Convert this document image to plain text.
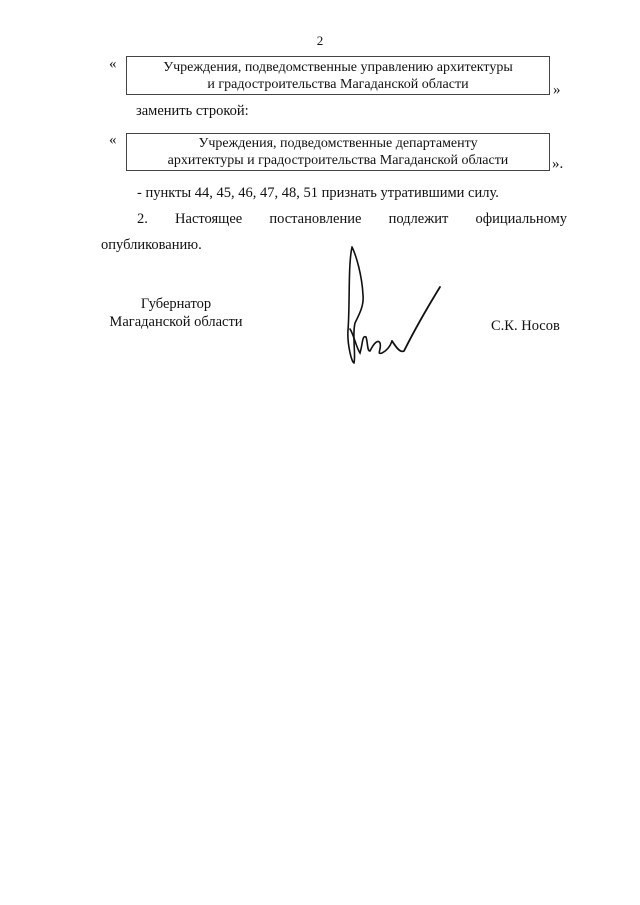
2
«	Учреждения, подведомственные управлению архитектуры
и градостроительства Магаданской области	»
заменить строкой:
«	Учреждения, подведомственные департаменту
архитектуры и градостроительства Магаданской области	».
- пункты 44, 45, 46, 47, 48, 51 признать утратившими силу.
2. Настоящее постановление подлежит официальному
опубликованию.
Губернатор
Магаданской области	С.К. Носов
